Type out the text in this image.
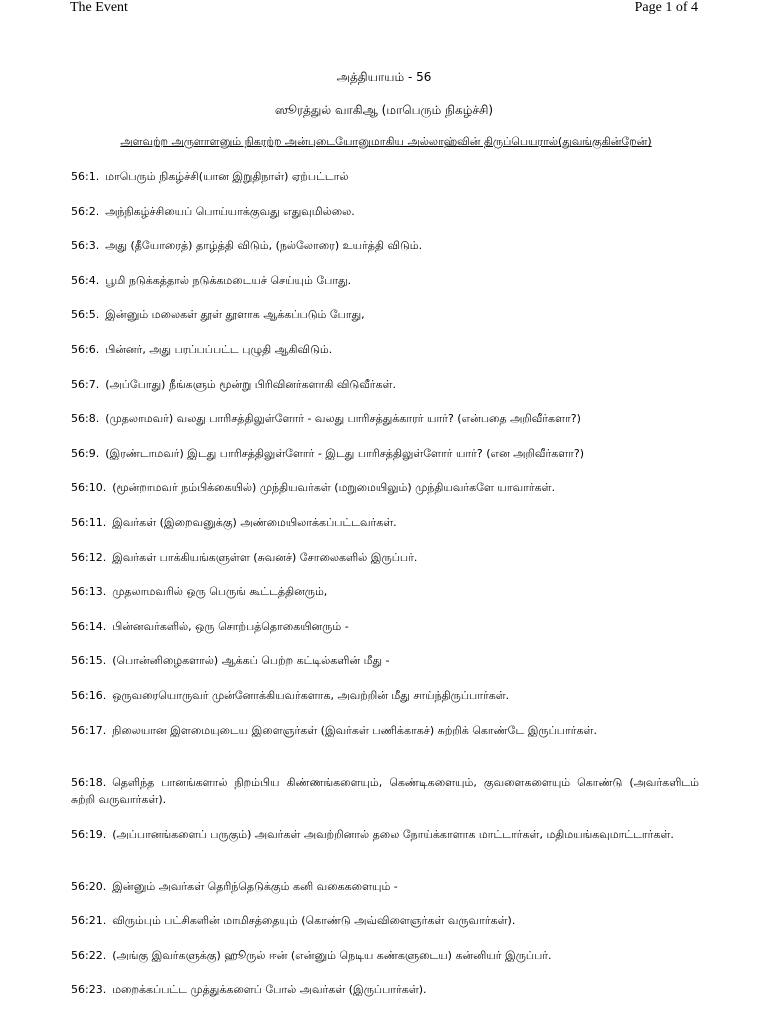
The Event	Page 1 of 4
அத்தியாயம் - 56
ஸூரத்துல் வாகிஆ (மாபெரும் நிகழ்ச்சி)
அளவற்ற அருளாளனும் நிகரற்ற அன்புடையோனுமாகிய அல்லாஹ்வின் திருப்பெயரால்(துவங்குகின்றேன்)

56:1. மாபெரும் நிகழ்ச்சி(யான இறுதிநாள்) ஏற்பட்டால்

56:2. அந்நிகழ்ச்சியைப் பொய்யாக்குவது எதுவுமில்லை.

56:3. அது (தீயோரைத்) தாழ்த்தி விடும், (நல்லோரை) உயர்த்தி விடும்.

56:4. பூமி நடுக்கத்தால் நடுக்கமடையச் செய்யும் போது.

56:5. இன்னும் மலைகள் தூள் தூளாக ஆக்கப்படும் போது,

56:6. பின்னர், அது பரப்பப்பட்ட புழுதி ஆகிவிடும்.

56:7. (அப்போது) நீங்களும் மூன்று பிரிவினர்களாகி விடுவீர்கள்.

56:8. (முதலாமவர்) வலது பாரிசத்திலுள்ளோர் - வலது பாரிசத்துக்காரர் யார்? (என்பதை அறிவீர்களா?)

56:9. (இரண்டாமவர்) இடது பாரிசத்திலுள்ளோர் - இடது பாரிசத்திலுள்ளோர் யார்? (என அறிவீர்களா?)

56:10. (மூன்றாமவர் நம்பிக்கையில்) முந்தியவர்கள் (மறுமையிலும்) முந்தியவர்களே யாவார்கள்.

56:11. இவர்கள் (இறைவனுக்கு) அண்மையிலாக்கப்பட்டவர்கள்.

56:12. இவர்கள் பாக்கியங்களுள்ள (சுவனச்) சோலைகளில் இருப்பர்.

56:13. முதலாமவரில் ஒரு பெருங் கூட்டத்தினரும்,

56:14. பின்னவர்களில், ஒரு சொற்பத்தொகையினரும் -

56:15. (பொன்னிழைகளால்) ஆக்கப் பெற்ற கட்டில்களின் மீது -

56:16. ஒருவரையொருவர் முன்னோக்கியவர்களாக, அவற்றின் மீது சாய்ந்திருப்பார்கள்.

56:17. நிலையான இளமையுடைய இளைஞர்கள் (இவர்கள் பணிக்காகச்) சுற்றிக் கொண்டே இருப்பார்கள்.

56:18. தெளிந்த பானங்களால் நிறம்பிய கிண்ணங்களையும், கெண்டிகளையும், குவளைகளையும் கொண்டு (அவர்களிடம் சுற்றி வருவார்கள்).

56:19. (அப்பானங்களைப் பருகும்) அவர்கள் அவற்றினால் தலை நோய்க்காளாக மாட்டார்கள், மதிமயங்கவுமாட்டார்கள்.

56:20. இன்னும் அவர்கள் தெரிந்தெடுக்கும் கனி வகைகளையும் -

56:21. விரும்பும் பட்சிகளின் மாமிசத்தையும் (கொண்டு அவ்விளைஞர்கள் வருவார்கள்).

56:22. (அங்கு இவர்களுக்கு) ஹூருல் ஈன் (என்னும் நெடிய கண்களுடைய) கன்னியர் இருப்பர்.

56:23. மறைக்கப்பட்ட முத்துக்களைப் போல் அவர்கள் (இருப்பார்கள்).
